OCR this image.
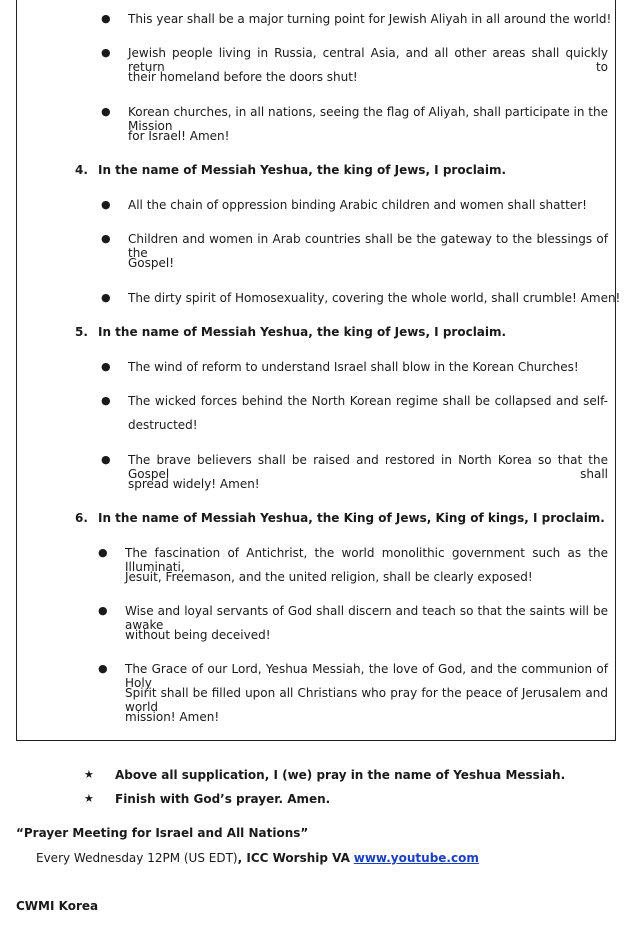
● This year shall be a major turning point for Jewish Aliyah in all around the world!
● Jewish people living in Russia, central Asia, and all other areas shall quickly return to
their homeland before the doors shut!
● Korean churches, in all nations, seeing the flag of Aliyah, shall participate in the Mission
for Israel! Amen!
4. In the name of Messiah Yeshua, the king of Jews, I proclaim.
● All the chain of oppression binding Arabic children and women shall shatter!
● Children and women in Arab countries shall be the gateway to the blessings of the
Gospel!
● The dirty spirit of Homosexuality, covering the whole world, shall crumble! Amen!
5. In the name of Messiah Yeshua, the king of Jews, I proclaim.
● The wind of reform to understand Israel shall blow in the Korean Churches!
● The wicked forces behind the North Korean regime shall be collapsed and self-
destructed!
● The brave believers shall be raised and restored in North Korea so that the Gospel shall
spread widely! Amen!
6. In the name of Messiah Yeshua, the King of Jews, King of kings, I proclaim.
● The fascination of Antichrist, the world monolithic government such as the Illuminati,
Jesuit, Freemason, and the united religion, shall be clearly exposed!
● Wise and loyal servants of God shall discern and teach so that the saints will be awake
without being deceived!
● The Grace of our Lord, Yeshua Messiah, the love of God, and the communion of Holy
Spirit shall be filled upon all Christians who pray for the peace of Jerusalem and world
mission! Amen!
★ Above all supplication, I (we) pray in the name of Yeshua Messiah.
★ Finish with God’s prayer. Amen.
“Prayer Meeting for Israel and All Nations”
Every Wednesday 12PM (US EDT), ICC Worship VA www.youtube.com
CWMI Korea
